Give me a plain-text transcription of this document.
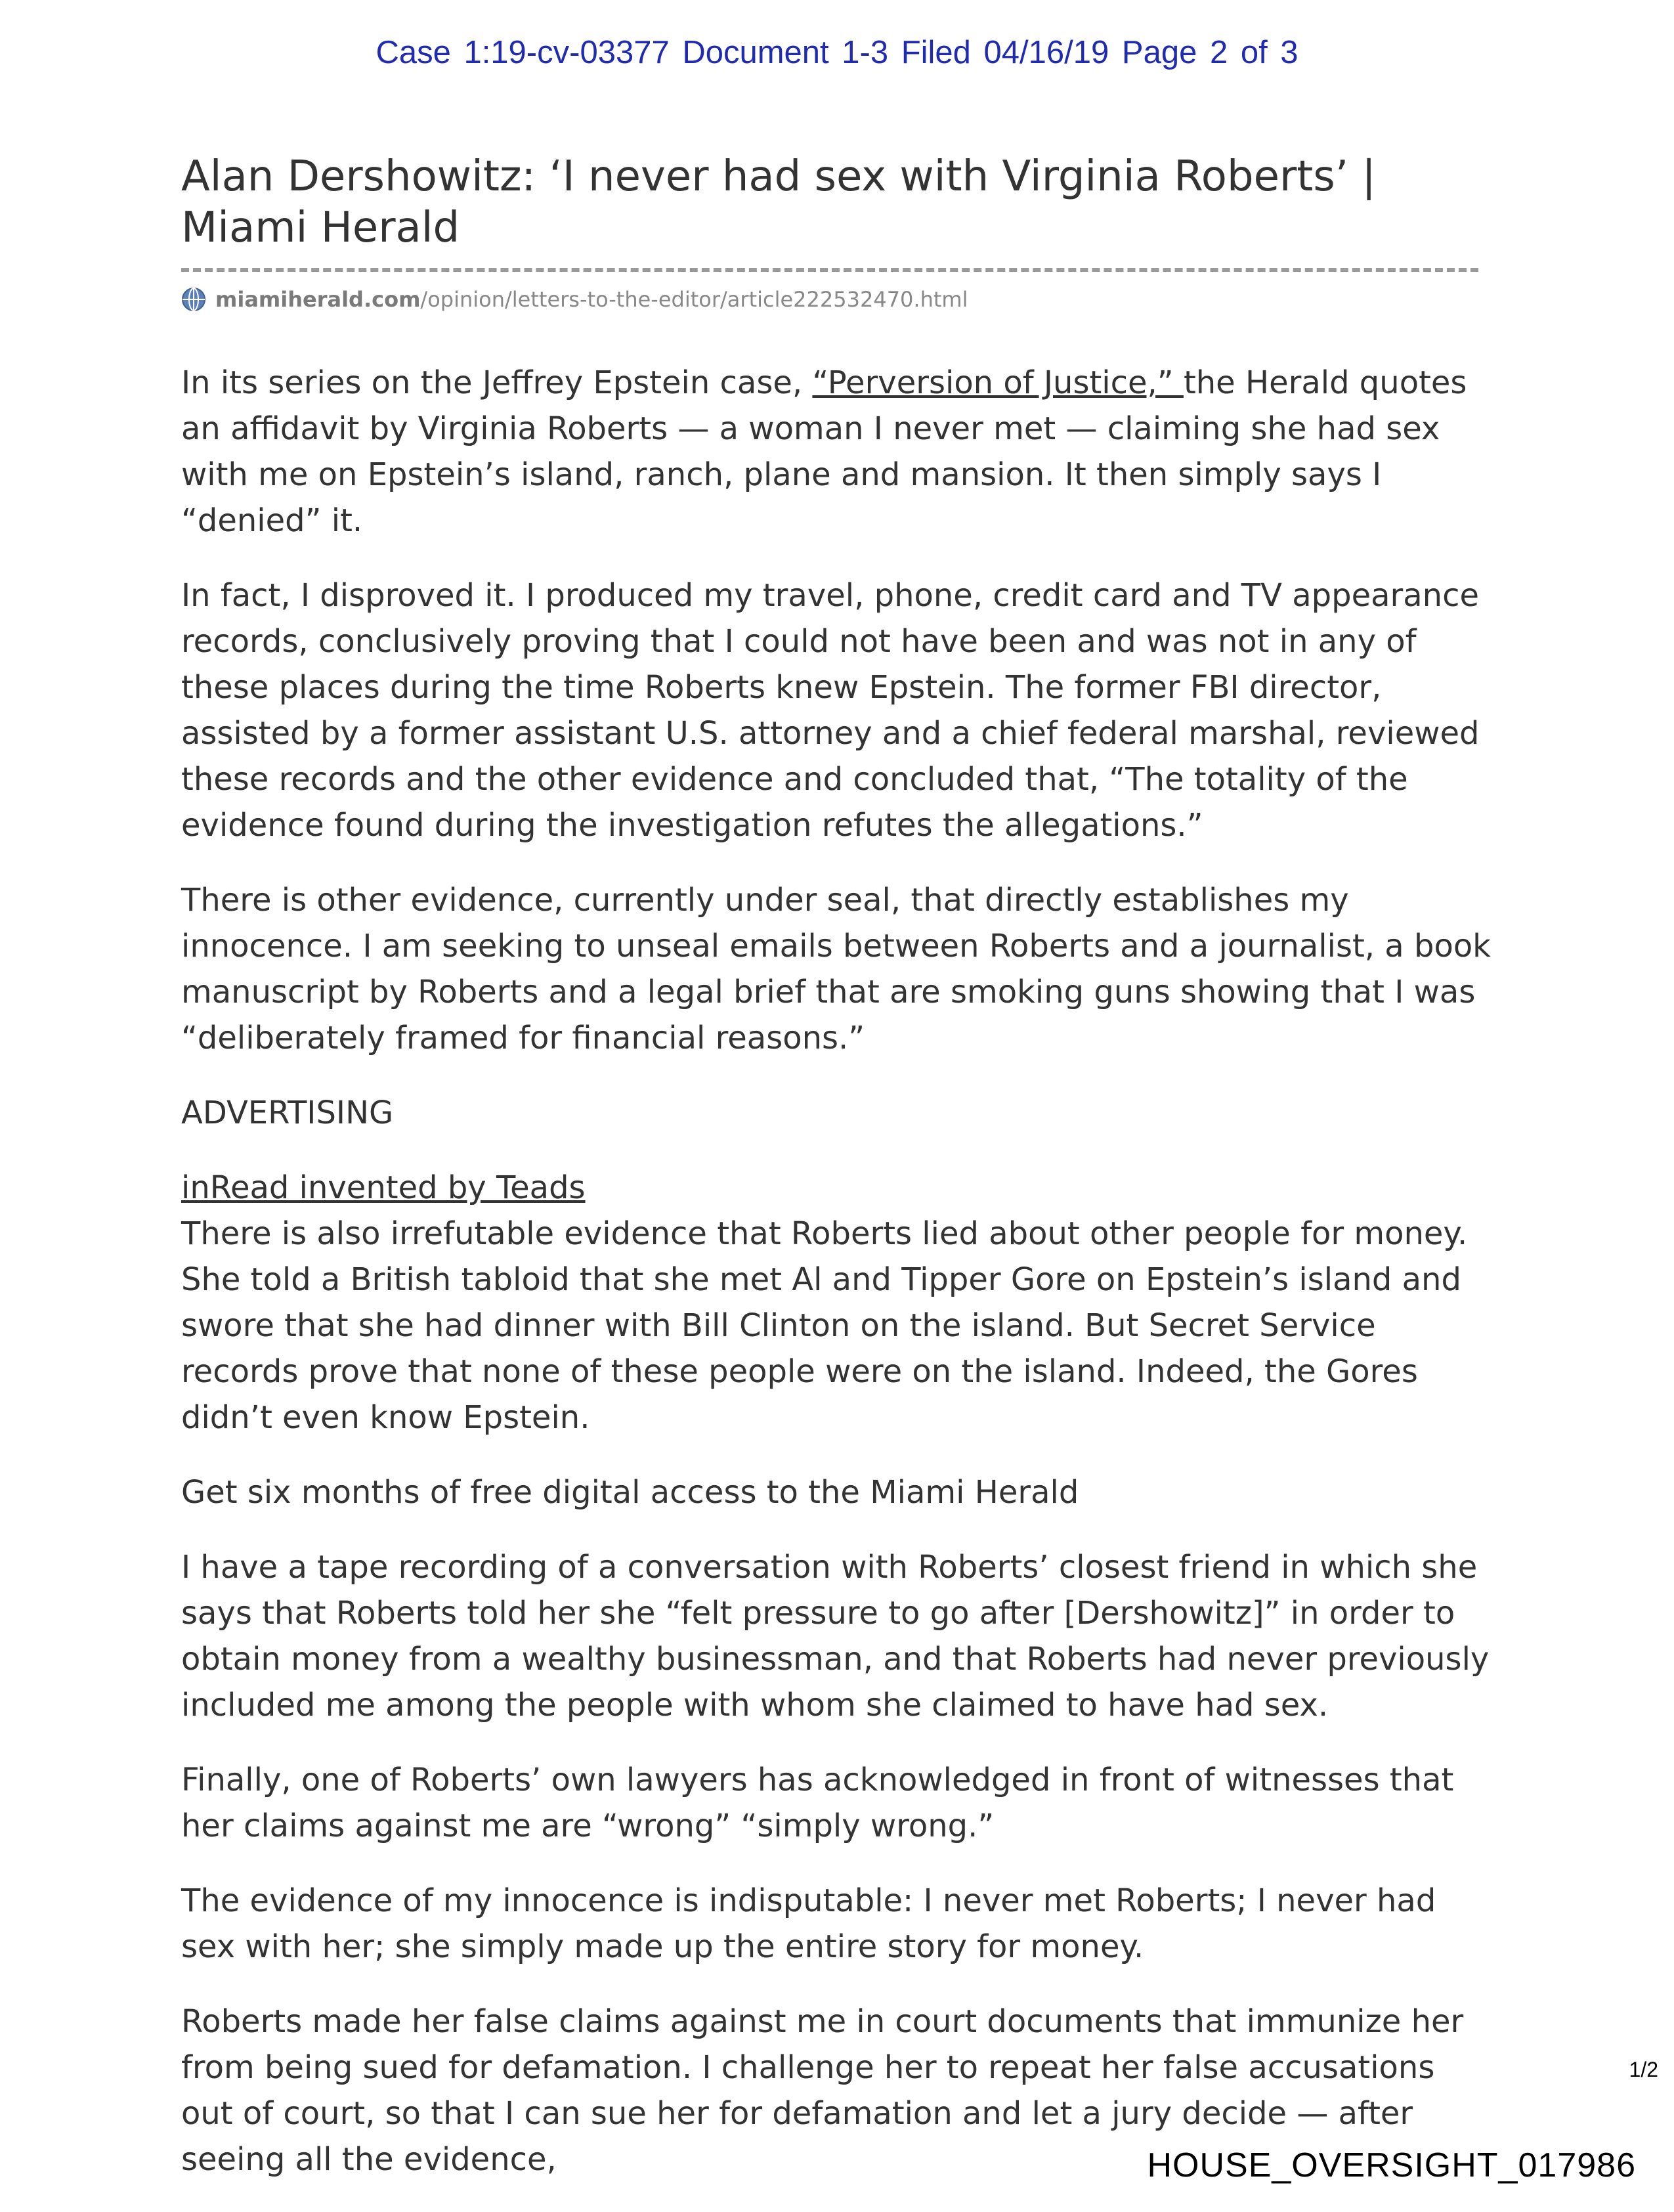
Case 1:19-cv-03377 Document 1-3 Filed 04/16/19 Page 2 of 3
Alan Dershowitz: ‘I never had sex with Virginia Roberts’ | Miami Herald
miamiherald.com /opinion/letters-to-the-editor/article222532470.html

In its series on the Jeffrey Epstein case, “Perversion of Justice,” the Herald quotes an affidavit by Virginia Roberts — a woman I never met — claiming she had sex with me on Epstein’s island, ranch, plane and mansion. It then simply says I “denied” it.

In fact, I disproved it. I produced my travel, phone, credit card and TV appearance records, conclusively proving that I could not have been and was not in any of these places during the time Roberts knew Epstein. The former FBI director, assisted by a former assistant U.S. attorney and a chief federal marshal, reviewed these records and the other evidence and concluded that, “The totality of the evidence found during the investigation refutes the allegations.”

There is other evidence, currently under seal, that directly establishes my innocence. I am seeking to unseal emails between Roberts and a journalist, a book manuscript by Roberts and a legal brief that are smoking guns showing that I was “deliberately framed for financial reasons.”

ADVERTISING

inRead invented by Teads

There is also irrefutable evidence that Roberts lied about other people for money. She told a British tabloid that she met Al and Tipper Gore on Epstein’s island and swore that she had dinner with Bill Clinton on the island. But Secret Service records prove that none of these people were on the island. Indeed, the Gores didn’t even know Epstein.

Get six months of free digital access to the Miami Herald

I have a tape recording of a conversation with Roberts’ closest friend in which she says that Roberts told her she “felt pressure to go after [Dershowitz]” in order to obtain money from a wealthy businessman, and that Roberts had never previously included me among the people with whom she claimed to have had sex.

Finally, one of Roberts’ own lawyers has acknowledged in front of witnesses that her claims against me are “wrong” “simply wrong.”

The evidence of my innocence is indisputable: I never met Roberts; I never had sex with her; she simply made up the entire story for money.

Roberts made her false claims against me in court documents that immunize her from being sued for defamation. I challenge her to repeat her false accusations out of court, so that I can sue her for defamation and let a jury decide — after seeing all the evidence,

1/2
HOUSE_OVERSIGHT_017986
